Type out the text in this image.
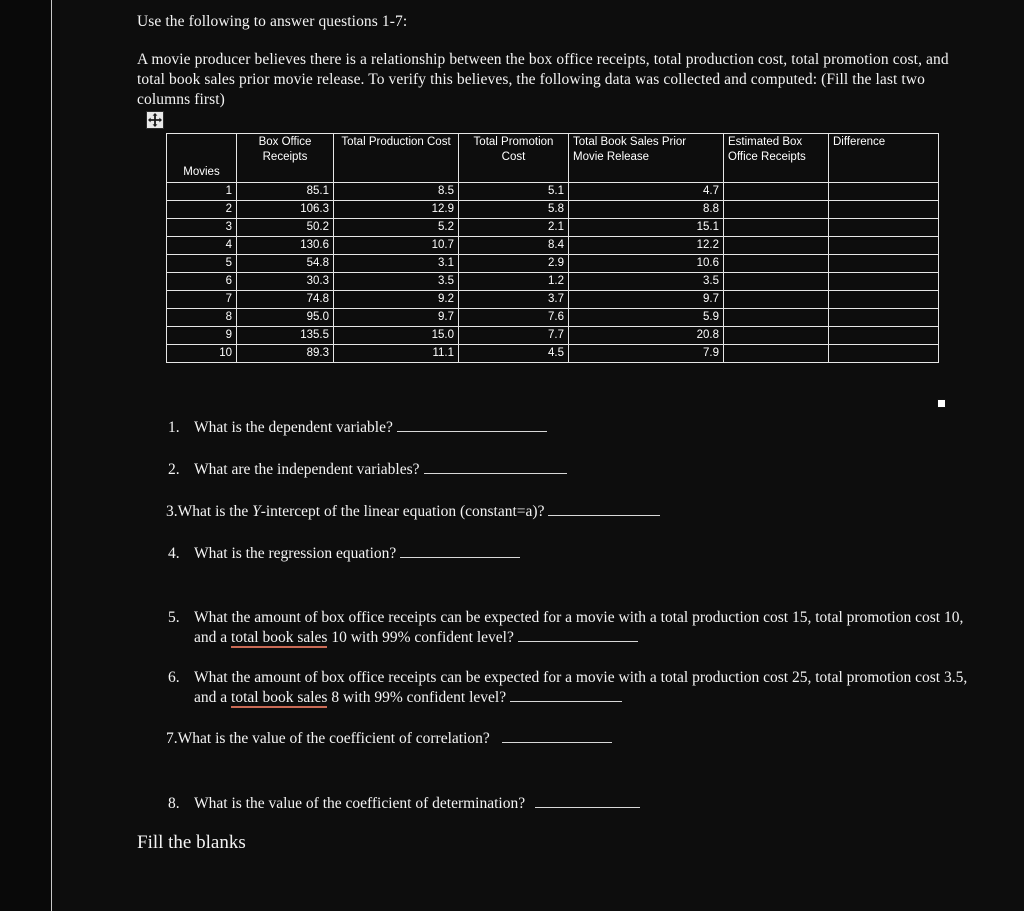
Use the following to answer questions 1-7:
A movie producer believes there is a relationship between the box office receipts, total production cost, total promotion cost, and total book sales prior movie release. To verify this believes, the following data was collected and computed: (Fill the last two columns first)
Movies	Box Office Receipts	Total Production Cost	Total Promotion Cost	Total Book Sales Prior Movie Release	Estimated Box Office Receipts	Difference
1	85.1	8.5	5.1	4.7		
2	106.3	12.9	5.8	8.8		
3	50.2	5.2	2.1	15.1		
4	130.6	10.7	8.4	12.2		
5	54.8	3.1	2.9	10.6		
6	30.3	3.5	1.2	3.5		
7	74.8	9.2	3.7	9.7		
8	95.0	9.7	7.6	5.9		
9	135.5	15.0	7.7	20.8		
10	89.3	11.1	4.5	7.9		
1. What is the dependent variable?
2. What are the independent variables?
3.What is the Y-intercept of the linear equation (constant=a)?
4. What is the regression equation?
5. What the amount of box office receipts can be expected for a movie with a total production cost 15, total promotion cost 10, and a total book sales 10 with 99% confident level?
6. What the amount of box office receipts can be expected for a movie with a total production cost 25, total promotion cost 3.5, and a total book sales 8 with 99% confident level?
7.What is the value of the coefficient of correlation?
8. What is the value of the coefficient of determination?
Fill the blanks
